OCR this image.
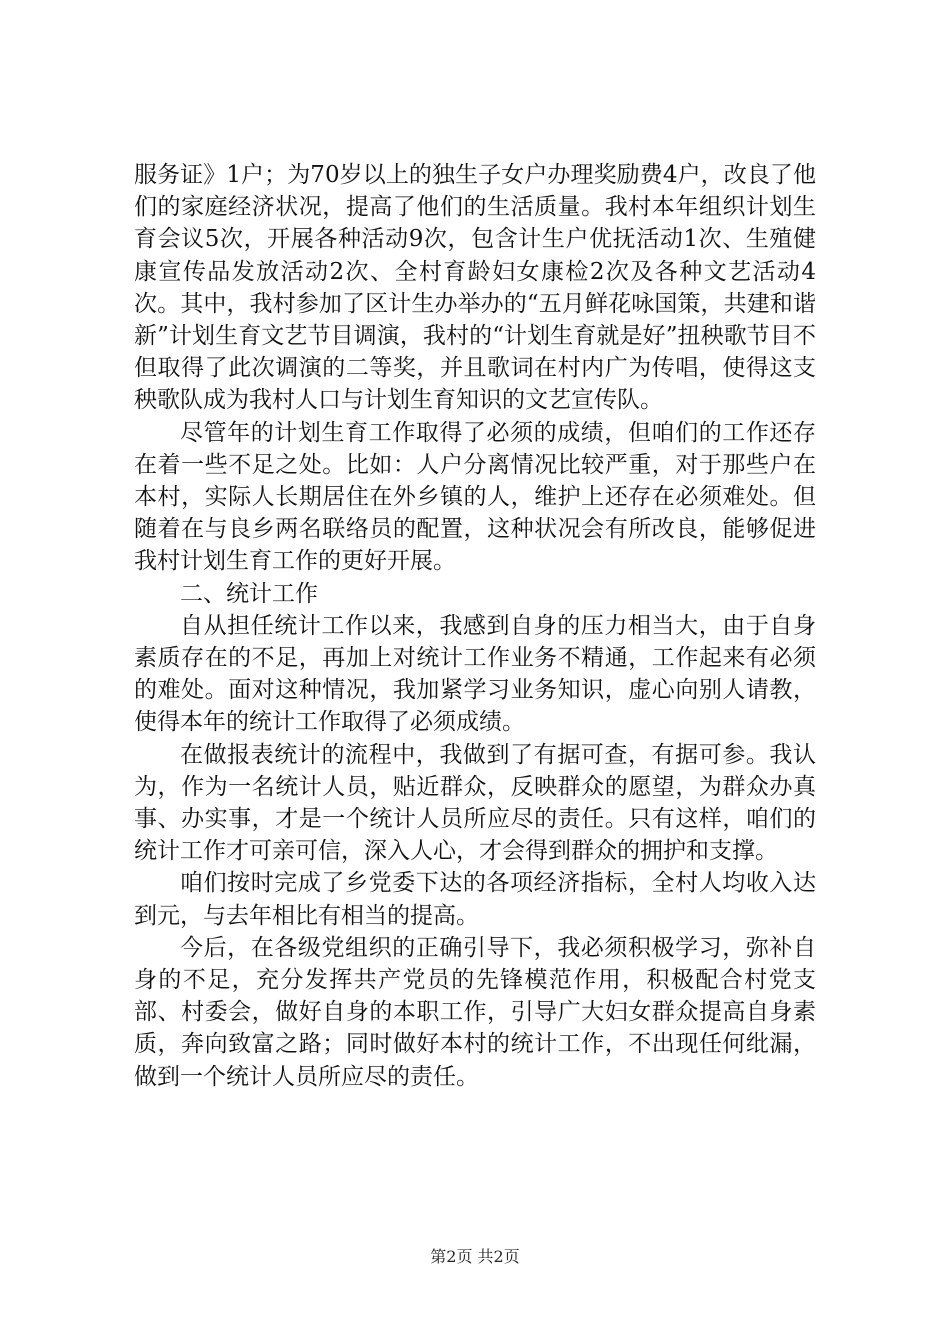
服务证》1户；为70岁以上的独生子女户办理奖励费4户，改良了他们的家庭经济状况，提高了他们的生活质量。我村本年组织计划生育会议5次，开展各种活动9次，包含计生户优抚活动1次、生殖健康宣传品发放活动2次、全村育龄妇女康检2次及各种文艺活动4次。其中，我村参加了区计生办举办的“五月鲜花咏国策，共建和谐新”计划生育文艺节目调演，我村的“计划生育就是好”扭秧歌节目不但取得了此次调演的二等奖，并且歌词在村内广为传唱，使得这支秧歌队成为我村人口与计划生育知识的文艺宣传队。

尽管年的计划生育工作取得了必须的成绩，但咱们的工作还存在着一些不足之处。比如：人户分离情况比较严重，对于那些户在本村，实际人长期居住在外乡镇的人，维护上还存在必须难处。但随着在与良乡两名联络员的配置，这种状况会有所改良，能够促进我村计划生育工作的更好开展。

二、统计工作

自从担任统计工作以来，我感到自身的压力相当大，由于自身素质存在的不足，再加上对统计工作业务不精通，工作起来有必须的难处。面对这种情况，我加紧学习业务知识，虚心向别人请教，使得本年的统计工作取得了必须成绩。

在做报表统计的流程中，我做到了有据可查，有据可参。我认为，作为一名统计人员，贴近群众，反映群众的愿望，为群众办真事、办实事，才是一个统计人员所应尽的责任。只有这样，咱们的统计工作才可亲可信，深入人心，才会得到群众的拥护和支撑。

咱们按时完成了乡党委下达的各项经济指标，全村人均收入达到元，与去年相比有相当的提高。

今后，在各级党组织的正确引导下，我必须积极学习，弥补自身的不足，充分发挥共产党员的先锋模范作用，积极配合村党支部、村委会，做好自身的本职工作，引导广大妇女群众提高自身素质，奔向致富之路；同时做好本村的统计工作，不出现任何纰漏，做到一个统计人员所应尽的责任。

第2页 共2页
